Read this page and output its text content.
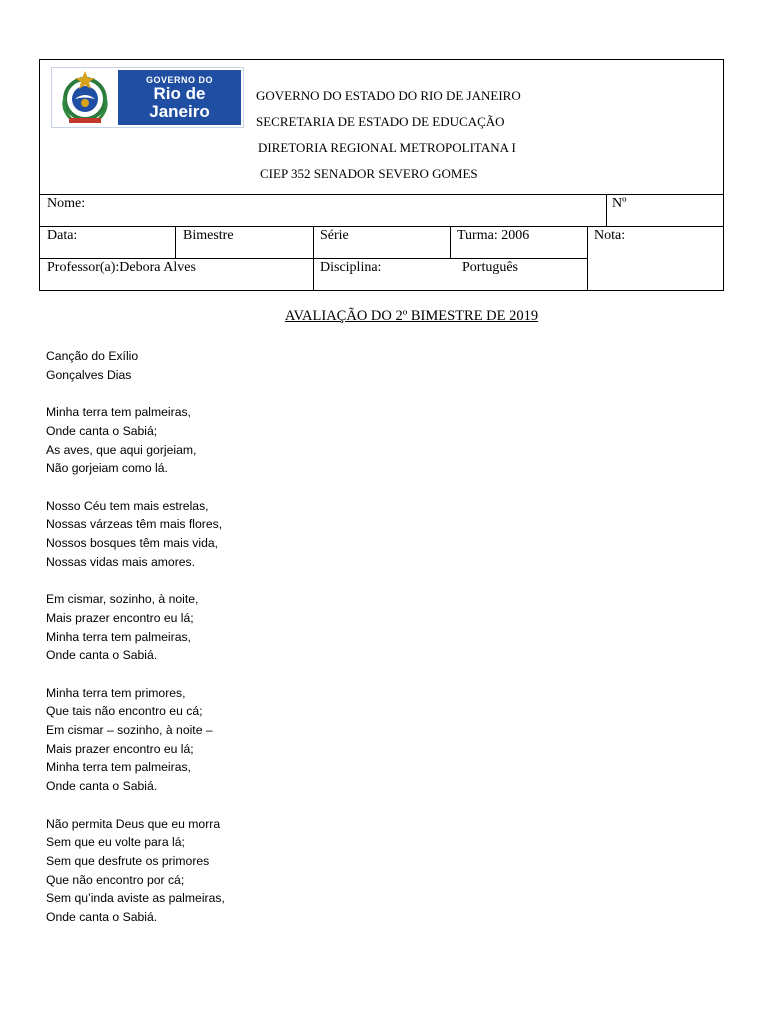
GOVERNO DO
Rio de
Janeiro
GOVERNO DO ESTADO DO RIO DE JANEIRO
SECRETARIA DE ESTADO DE EDUCAÇÃO
DIRETORIA REGIONAL METROPOLITANA I
CIEP 352 SENADOR SEVERO GOMES
Nome:	Nº
Data:	Bimestre	Série	Turma: 2006	Nota:
Professor(a):Debora Alves	Disciplina:	Português
AVALIAÇÃO DO 2º BIMESTRE DE 2019
Canção do Exílio
Gonçalves Dias
Minha terra tem palmeiras,
Onde canta o Sabiá;
As aves, que aqui gorjeiam,
Não gorjeiam como lá.
Nosso Céu tem mais estrelas,
Nossas várzeas têm mais flores,
Nossos bosques têm mais vida,
Nossas vidas mais amores.
Em cismar, sozinho, à noite,
Mais prazer encontro eu lá;
Minha terra tem palmeiras,
Onde canta o Sabiá.
Minha terra tem primores,
Que tais não encontro eu cá;
Em cismar – sozinho, à noite –
Mais prazer encontro eu lá;
Minha terra tem palmeiras,
Onde canta o Sabiá.
Não permita Deus que eu morra
Sem que eu volte para lá;
Sem que desfrute os primores
Que não encontro por cá;
Sem qu’inda aviste as palmeiras,
Onde canta o Sabiá.
